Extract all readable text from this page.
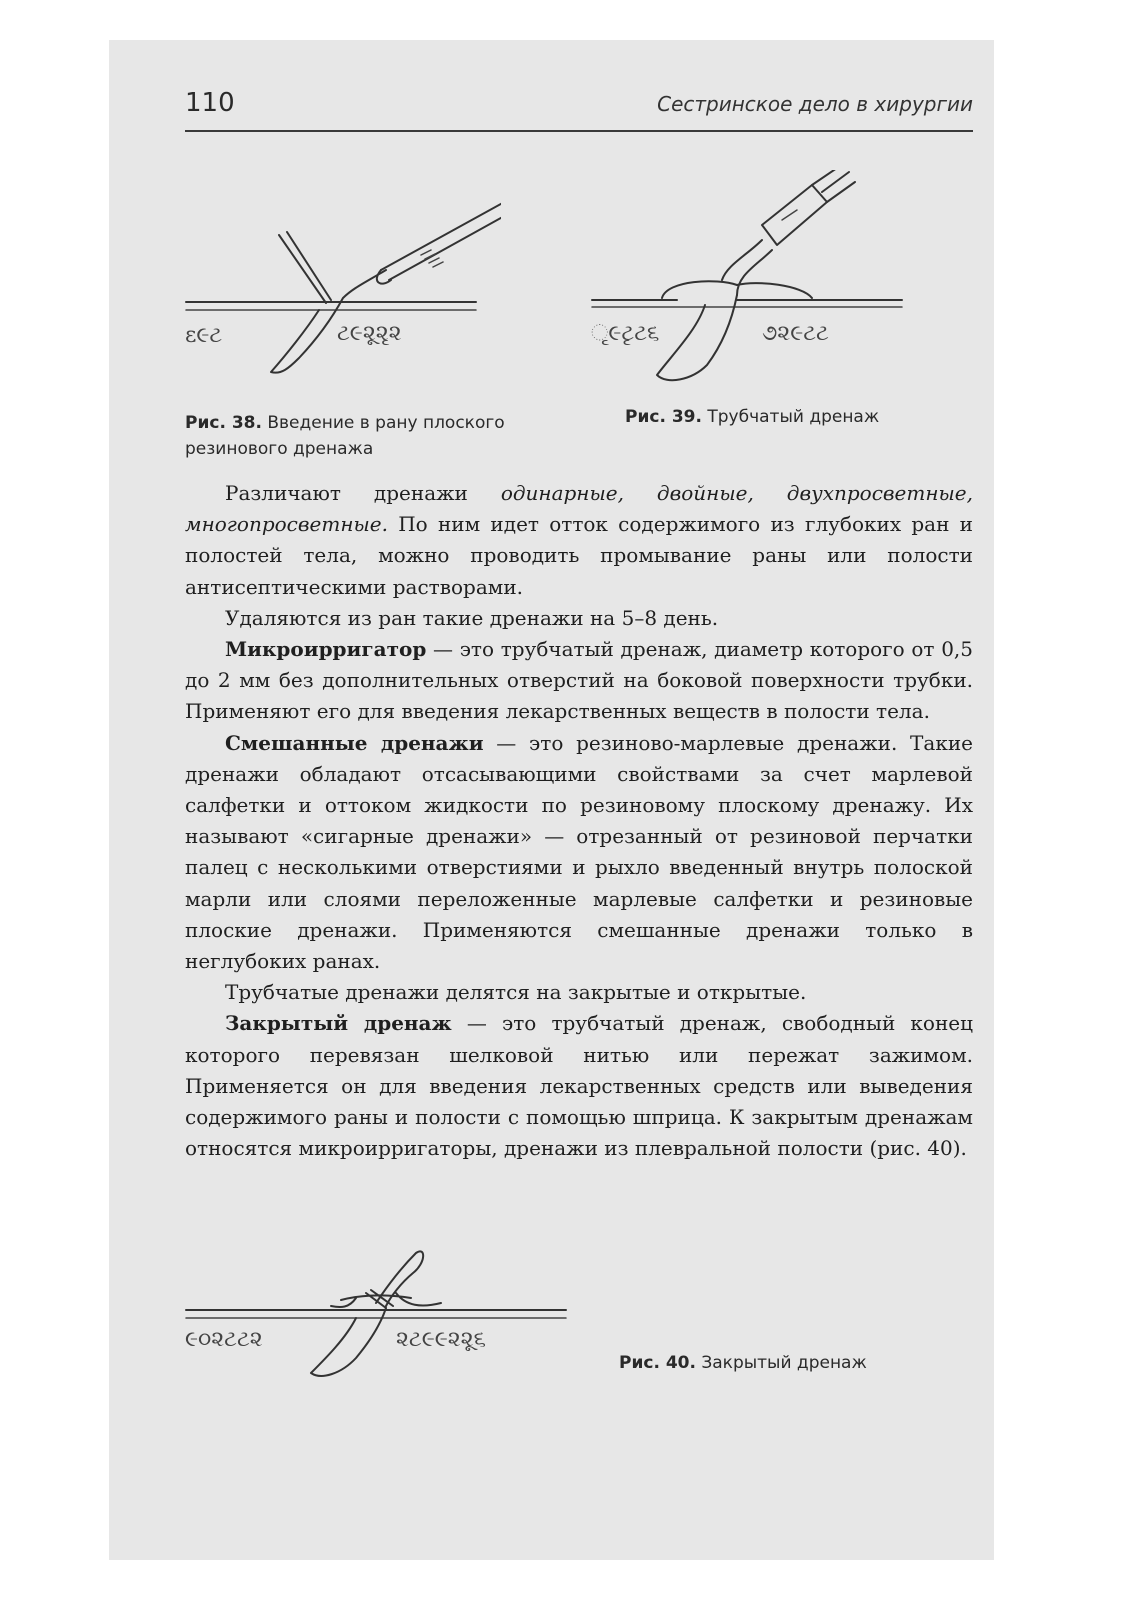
110	Сестринское дело в хирургии
ɛ૯ટ	ટ૯૨ૂ૨ૃ૨
Рис. 38. Введение в рану плоского резинового дренажа
ૃ૯ટૃટ૬	૭૨૯ટટ
Рис. 39. Трубчатый дренаж

Различают дренажи одинарные, двойные, двухпросветные, многопросветные. По ним идет отток содержимого из глубоких ран и полостей тела, можно проводить промывание раны или полости антисептическими растворами.

Удаляются из ран такие дренажи на 5–8 день.

Микроирригатор — это трубчатый дренаж, диаметр которого от 0,5 до 2 мм без дополнительных отверстий на боковой поверхности трубки. Применяют его для введения лекарственных веществ в полости тела.

Смешанные дренажи — это резиново-марлевые дренажи. Такие дренажи обладают отсасывающими свойствами за счет марлевой салфетки и оттоком жидкости по резиновому плоскому дренажу. Их называют «сигарные дренажи» — отрезанный от резиновой перчатки палец с несколькими отверстиями и рыхло введенный внутрь полоской марли или слоями переложенные марлевые салфетки и резиновые плоские дренажи. Применяются смешанные дренажи только в неглубоких ранах.

Трубчатые дренажи делятся на закрытые и открытые.

Закрытый дренаж — это трубчатый дренаж, свободный конец которого перевязан шелковой нитью или пережат зажимом. Применяется он для введения лекарственных средств или выведения содержимого раны и полости с помощью шприца. К закрытым дренажам относятся микроирригаторы, дренажи из плевральной полости (рис. 40).

૯૦૨ટટ૨	૨ટ૯૯૨૨ૂ૬
Рис. 40. Закрытый дренаж
